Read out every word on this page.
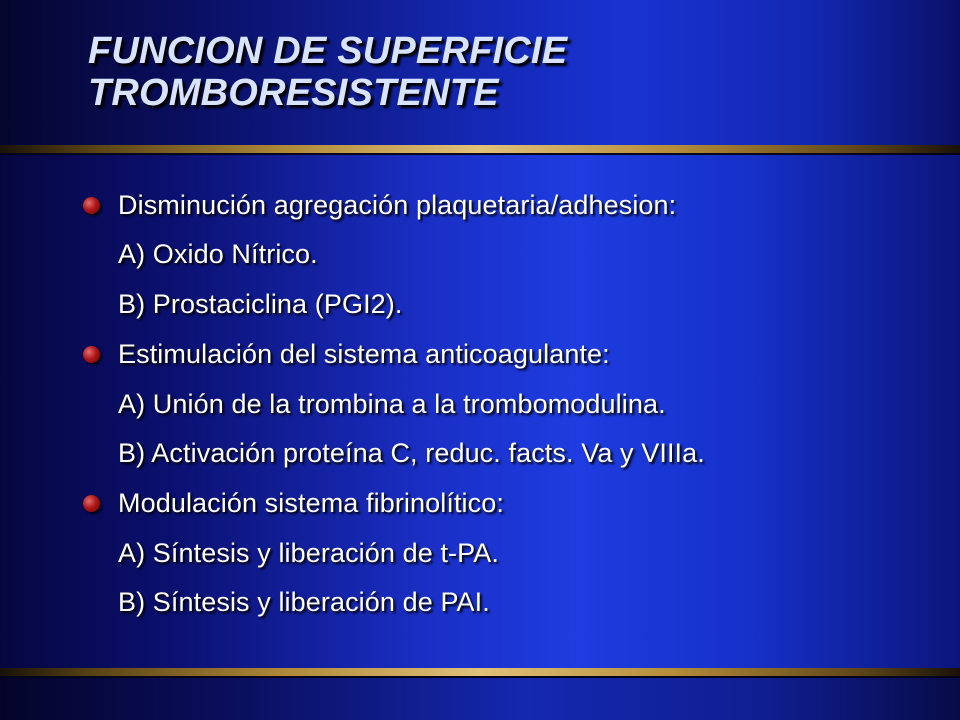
FUNCION DE SUPERFICIE
TROMBORESISTENTE
Disminución agregación plaquetaria/adhesion:
A) Oxido Nítrico.
B) Prostaciclina (PGI2).
Estimulación del sistema anticoagulante:
A) Unión de la trombina a la trombomodulina.
B) Activación proteína C, reduc. facts. Va y VIIIa.
Modulación sistema fibrinolítico:
A) Síntesis y liberación de t-PA.
B) Síntesis y liberación de PAI.
